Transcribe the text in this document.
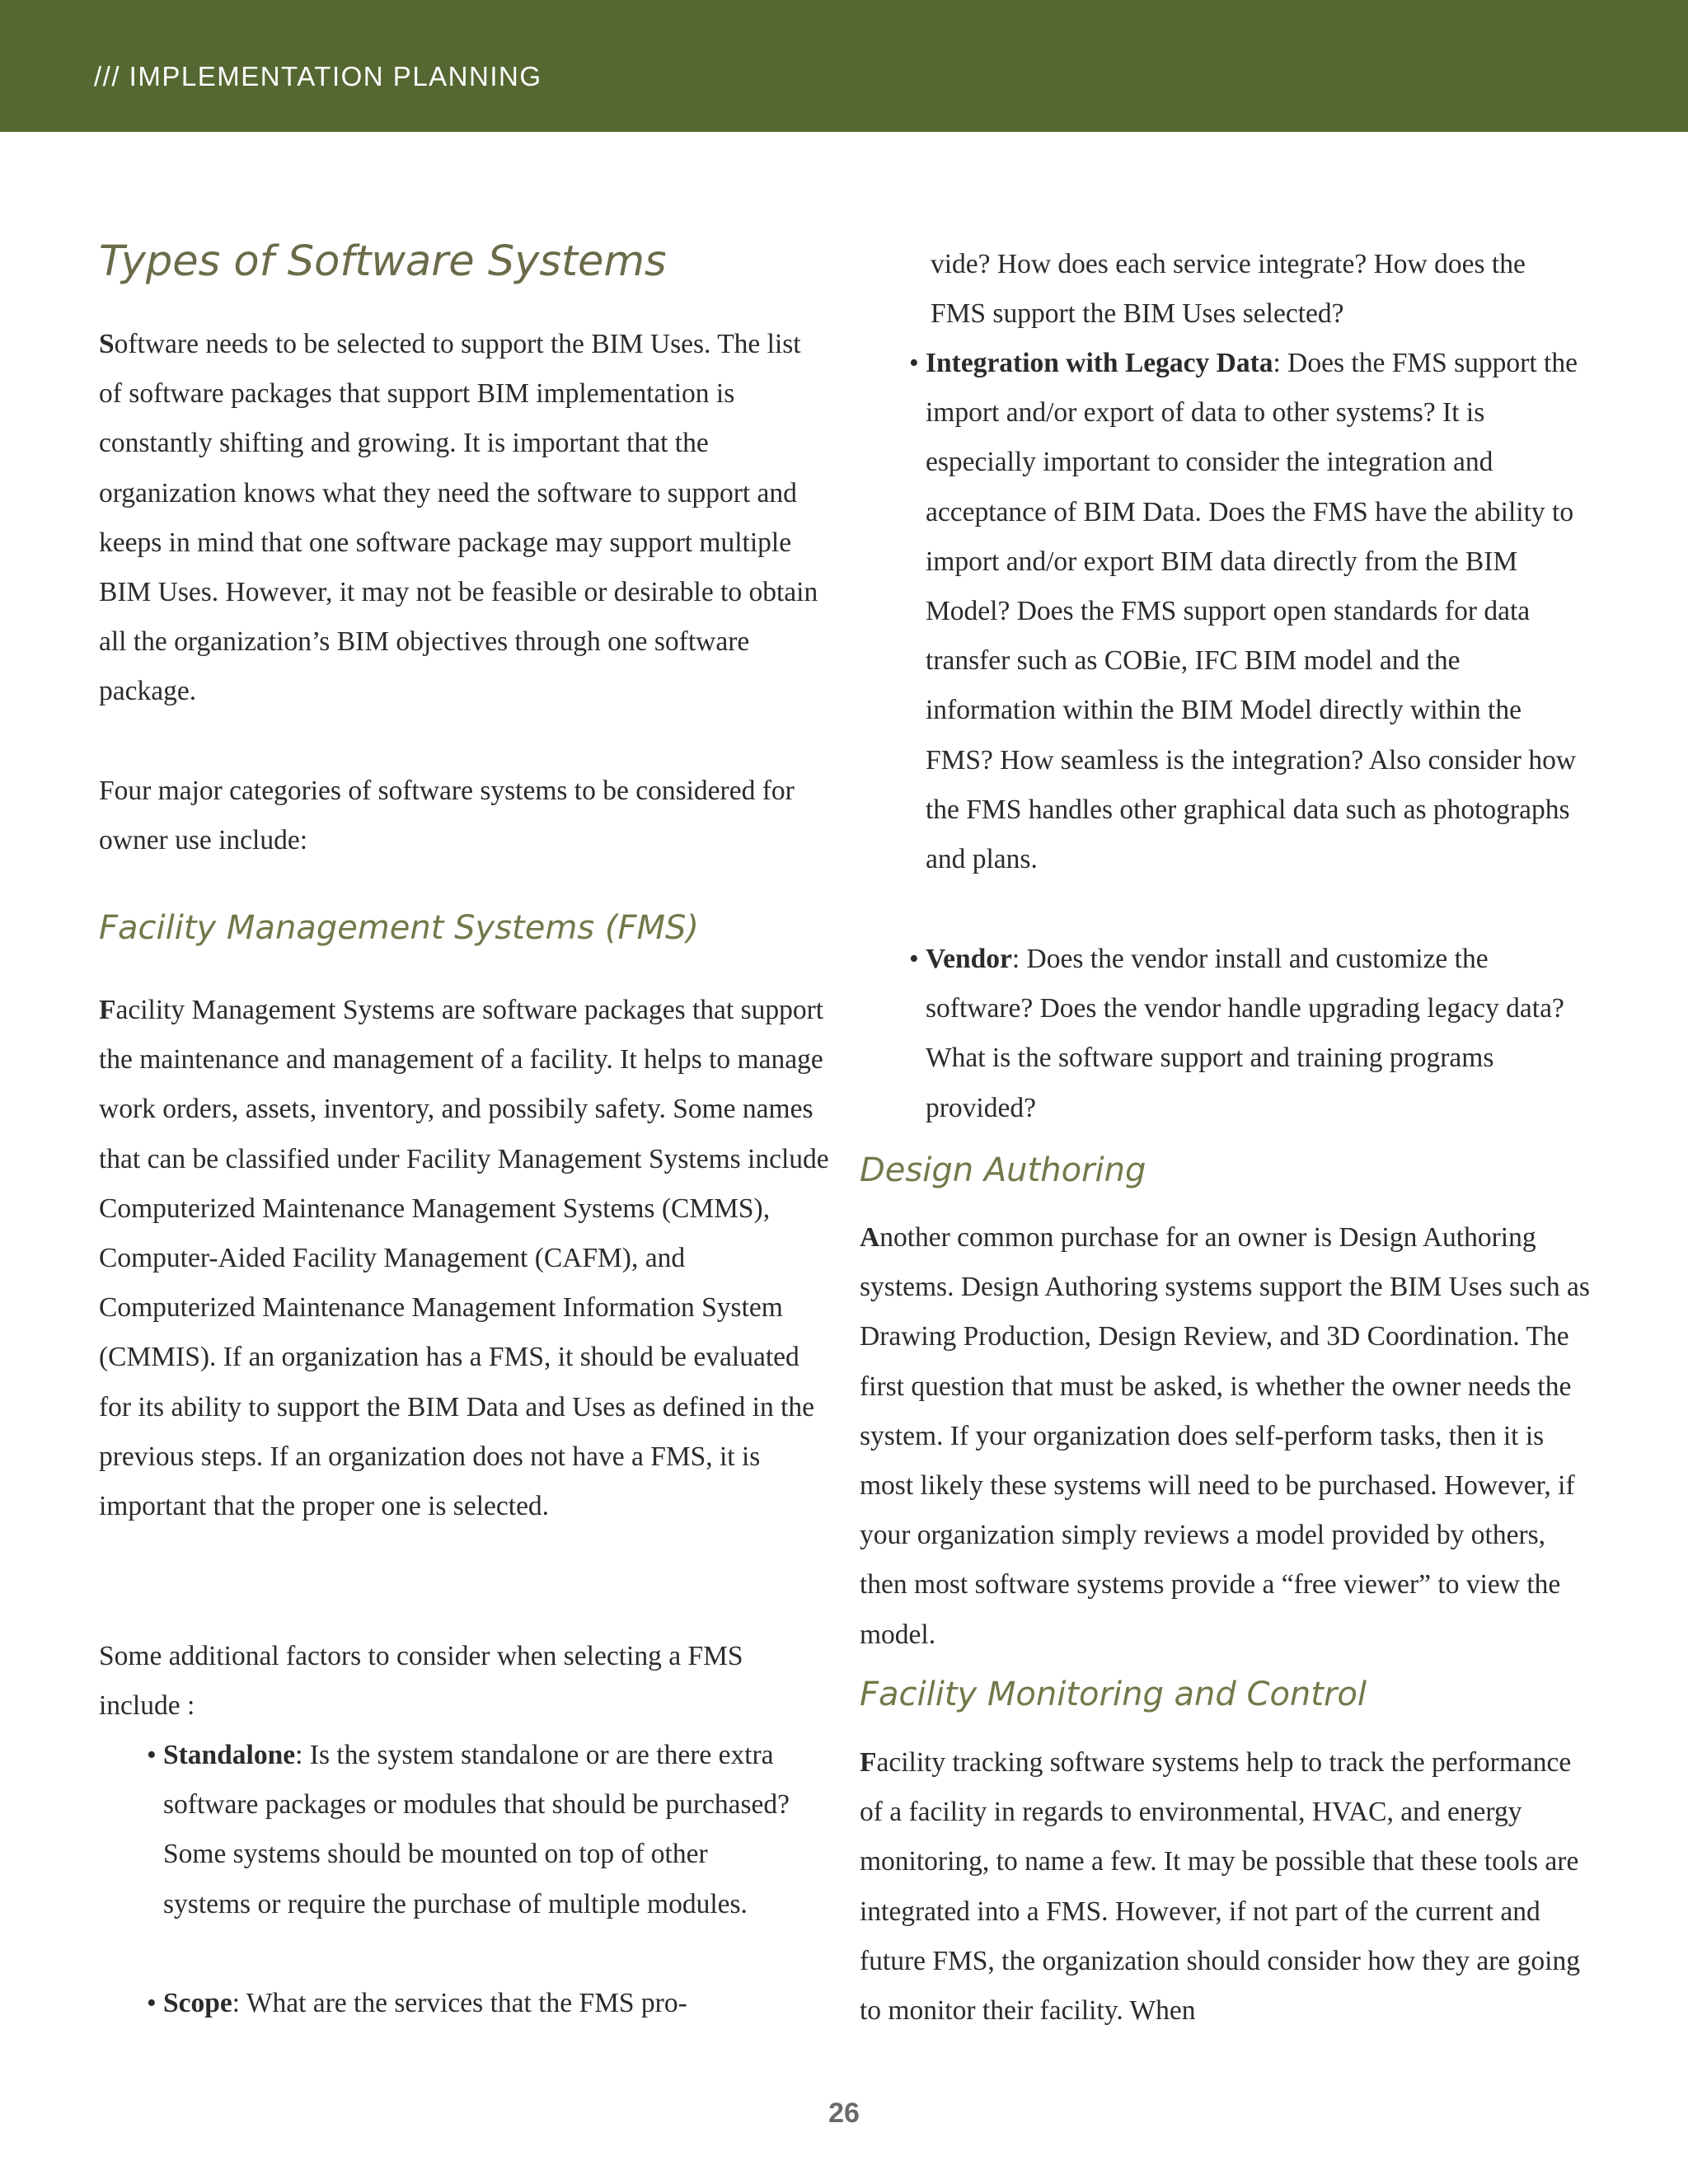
/// IMPLEMENTATION PLANNING
Types of Software Systems

Software needs to be selected to support the BIM Uses. The list of software packages that support BIM implementation is constantly shifting and growing. It is important that the organization knows what they need the software to support and keeps in mind that one software package may support multiple BIM Uses. However, it may not be feasible or desirable to obtain all the organization’s BIM objectives through one software package.

Four major categories of software systems to be considered for owner use include:

Facility Management Systems (FMS)

Facility Management Systems are software packages that support the maintenance and management of a facility. It helps to manage work orders, assets, inventory, and possibily safety. Some names that can be classified under Facility Management Systems include Computerized Maintenance Management Systems (CMMS), Computer-Aided Facility Management (CAFM), and Computerized Maintenance Management Information System (CMMIS). If an organization has a FMS, it should be evaluated for its ability to support the BIM Data and Uses as defined in the previous steps. If an organization does not have a FMS, it is important that the proper one is selected.

Some additional factors to consider when selecting a FMS include :

• Standalone: Is the system standalone or are there extra software packages or modules that should be purchased? Some systems should be mounted on top of other systems or require the purchase of multiple modules.

• Scope: What are the services that the FMS pro-

vide? How does each service integrate? How does the FMS support the BIM Uses selected?

• Integration with Legacy Data: Does the FMS support the import and/or export of data to other systems? It is especially important to consider the integration and acceptance of BIM Data. Does the FMS have the ability to import and/or export BIM data directly from the BIM Model? Does the FMS support open standards for data transfer such as COBie, IFC BIM model and the information within the BIM Model directly within the FMS? How seamless is the integration? Also consider how the FMS handles other graphical data such as photographs and plans.

• Vendor: Does the vendor install and customize the software? Does the vendor handle upgrading legacy data? What is the software support and training programs provided?

Design Authoring

Another common purchase for an owner is Design Authoring systems. Design Authoring systems support the BIM Uses such as Drawing Production, Design Review, and 3D Coordination. The first question that must be asked, is whether the owner needs the system. If your organization does self-perform tasks, then it is most likely these systems will need to be purchased. However, if your organization simply reviews a model provided by others, then most software systems provide a “free viewer” to view the model.

Facility Monitoring and Control

Facility tracking software systems help to track the performance of a facility in regards to environmental, HVAC, and energy monitoring, to name a few. It may be possible that these tools are integrated into a FMS. However, if not part of the current and future FMS, the organization should consider how they are going to monitor their facility. When

26
